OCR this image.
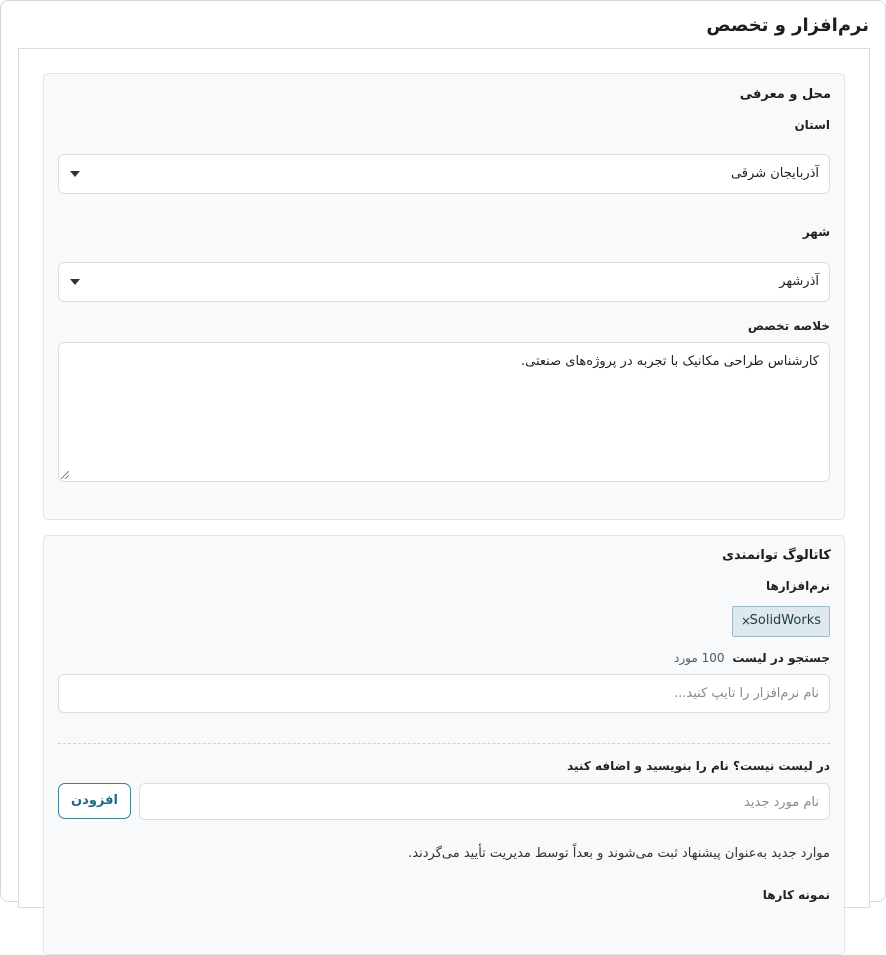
نرم‌افزار و تخصص
محل و معرفی
استان
آذربایجان شرقی
شهر
آذرشهر
خلاصه تخصص
کارشناس طراحی مکانیک با تجربه در پروژه‌های صنعتی.
کاتالوگ توانمندی
نرم‌افزارها
SolidWorks
×
جستجو در لیست 100 مورد
نام نرم‌افزار را تایپ کنید...
در لیست نیست؟ نام را بنویسید و اضافه کنید
نام مورد جدید
افزودن
موارد جدید به‌عنوان پیشنهاد ثبت می‌شوند و بعداً توسط مدیریت تأیید می‌گردند.
نمونه کارها
